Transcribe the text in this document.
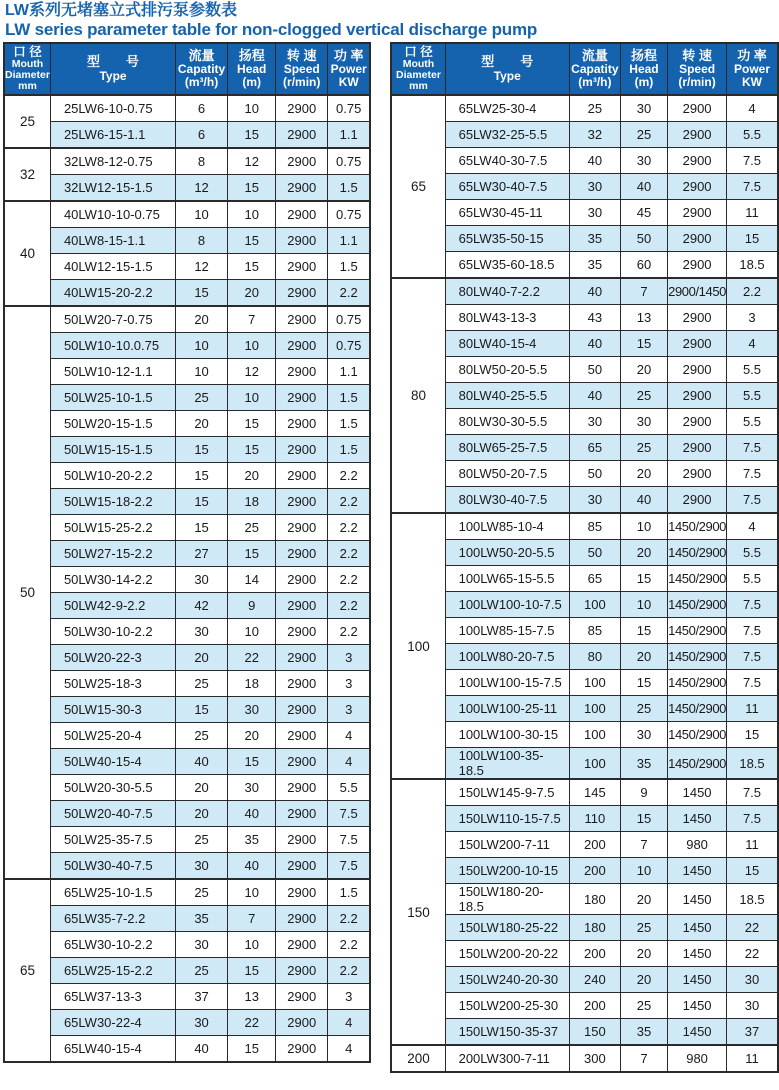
LW系列无堵塞立式排污泵参数表
LW series parameter table for non-clogged vertical discharge pump
口 径
Mouth
Diameter
mm

型　　号
Type

流量
Capatity
(m³/h)

扬程
Head
(m)

转 速
Speed
(r/min)

功 率
Power
KW

25	25LW6-10-0.75	6	10	2900	0.75
	25LW6-15-1.1	6	15	2900	1.1
32	32LW8-12-0.75	8	12	2900	0.75
	32LW12-15-1.5	12	15	2900	1.5
40	40LW10-10-0.75	10	10	2900	0.75
	40LW8-15-1.1	8	15	2900	1.1
	40LW12-15-1.5	12	15	2900	1.5
	40LW15-20-2.2	15	20	2900	2.2
50	50LW20-7-0.75	20	7	2900	0.75
	50LW10-10.0.75	10	10	2900	0.75
	50LW10-12-1.1	10	12	2900	1.1
	50LW25-10-1.5	25	10	2900	1.5
	50LW20-15-1.5	20	15	2900	1.5
	50LW15-15-1.5	15	15	2900	1.5
	50LW10-20-2.2	15	20	2900	2.2
	50LW15-18-2.2	15	18	2900	2.2
	50LW15-25-2.2	15	25	2900	2.2
	50LW27-15-2.2	27	15	2900	2.2
	50LW30-14-2.2	30	14	2900	2.2
	50LW42-9-2.2	42	9	2900	2.2
	50LW30-10-2.2	30	10	2900	2.2
	50LW20-22-3	20	22	2900	3
	50LW25-18-3	25	18	2900	3
	50LW15-30-3	15	30	2900	3
	50LW25-20-4	25	20	2900	4
	50LW40-15-4	40	15	2900	4
	50LW20-30-5.5	20	30	2900	5.5
	50LW20-40-7.5	20	40	2900	7.5
	50LW25-35-7.5	25	35	2900	7.5
	50LW30-40-7.5	30	40	2900	7.5
65	65LW25-10-1.5	25	10	2900	1.5
	65LW35-7-2.2	35	7	2900	2.2
	65LW30-10-2.2	30	10	2900	2.2
	65LW25-15-2.2	25	15	2900	2.2
	65LW37-13-3	37	13	2900	3
	65LW30-22-4	30	22	2900	4
	65LW40-15-4	40	15	2900	4
口 径
Mouth
Diameter
mm

型　　号
Type

流量
Capatity
(m³/h)

扬程
Head
(m)

转 速
Speed
(r/min)

功 率
Power
KW

65	65LW25-30-4	25	30	2900	4
	65LW32-25-5.5	32	25	2900	5.5
	65LW40-30-7.5	40	30	2900	7.5
	65LW30-40-7.5	30	40	2900	7.5
	65LW30-45-11	30	45	2900	11
	65LW35-50-15	35	50	2900	15
	65LW35-60-18.5	35	60	2900	18.5
80	80LW40-7-2.2	40	7	2900/1450	2.2
	80LW43-13-3	43	13	2900	3
	80LW40-15-4	40	15	2900	4
	80LW50-20-5.5	50	20	2900	5.5
	80LW40-25-5.5	40	25	2900	5.5
	80LW30-30-5.5	30	30	2900	5.5
	80LW65-25-7.5	65	25	2900	7.5
	80LW50-20-7.5	50	20	2900	7.5
	80LW30-40-7.5	30	40	2900	7.5
100	100LW85-10-4	85	10	1450/2900	4
	100LW50-20-5.5	50	20	1450/2900	5.5
	100LW65-15-5.5	65	15	1450/2900	5.5
	100LW100-10-7.5	100	10	1450/2900	7.5
	100LW85-15-7.5	85	15	1450/2900	7.5
	100LW80-20-7.5	80	20	1450/2900	7.5
	100LW100-15-7.5	100	15	1450/2900	7.5
	100LW100-25-11	100	25	1450/2900	11
	100LW100-30-15	100	30	1450/2900	15
	100LW100-35-18.5	100	35	1450/2900	18.5
150	150LW145-9-7.5	145	9	1450	7.5
	150LW110-15-7.5	110	15	1450	7.5
	150LW200-7-11	200	7	980	11
	150LW200-10-15	200	10	1450	15
	150LW180-20-18.5	180	20	1450	18.5
	150LW180-25-22	180	25	1450	22
	150LW200-20-22	200	20	1450	22
	150LW240-20-30	240	20	1450	30
	150LW200-25-30	200	25	1450	30
	150LW150-35-37	150	35	1450	37
200	200LW300-7-11	300	7	980	11
